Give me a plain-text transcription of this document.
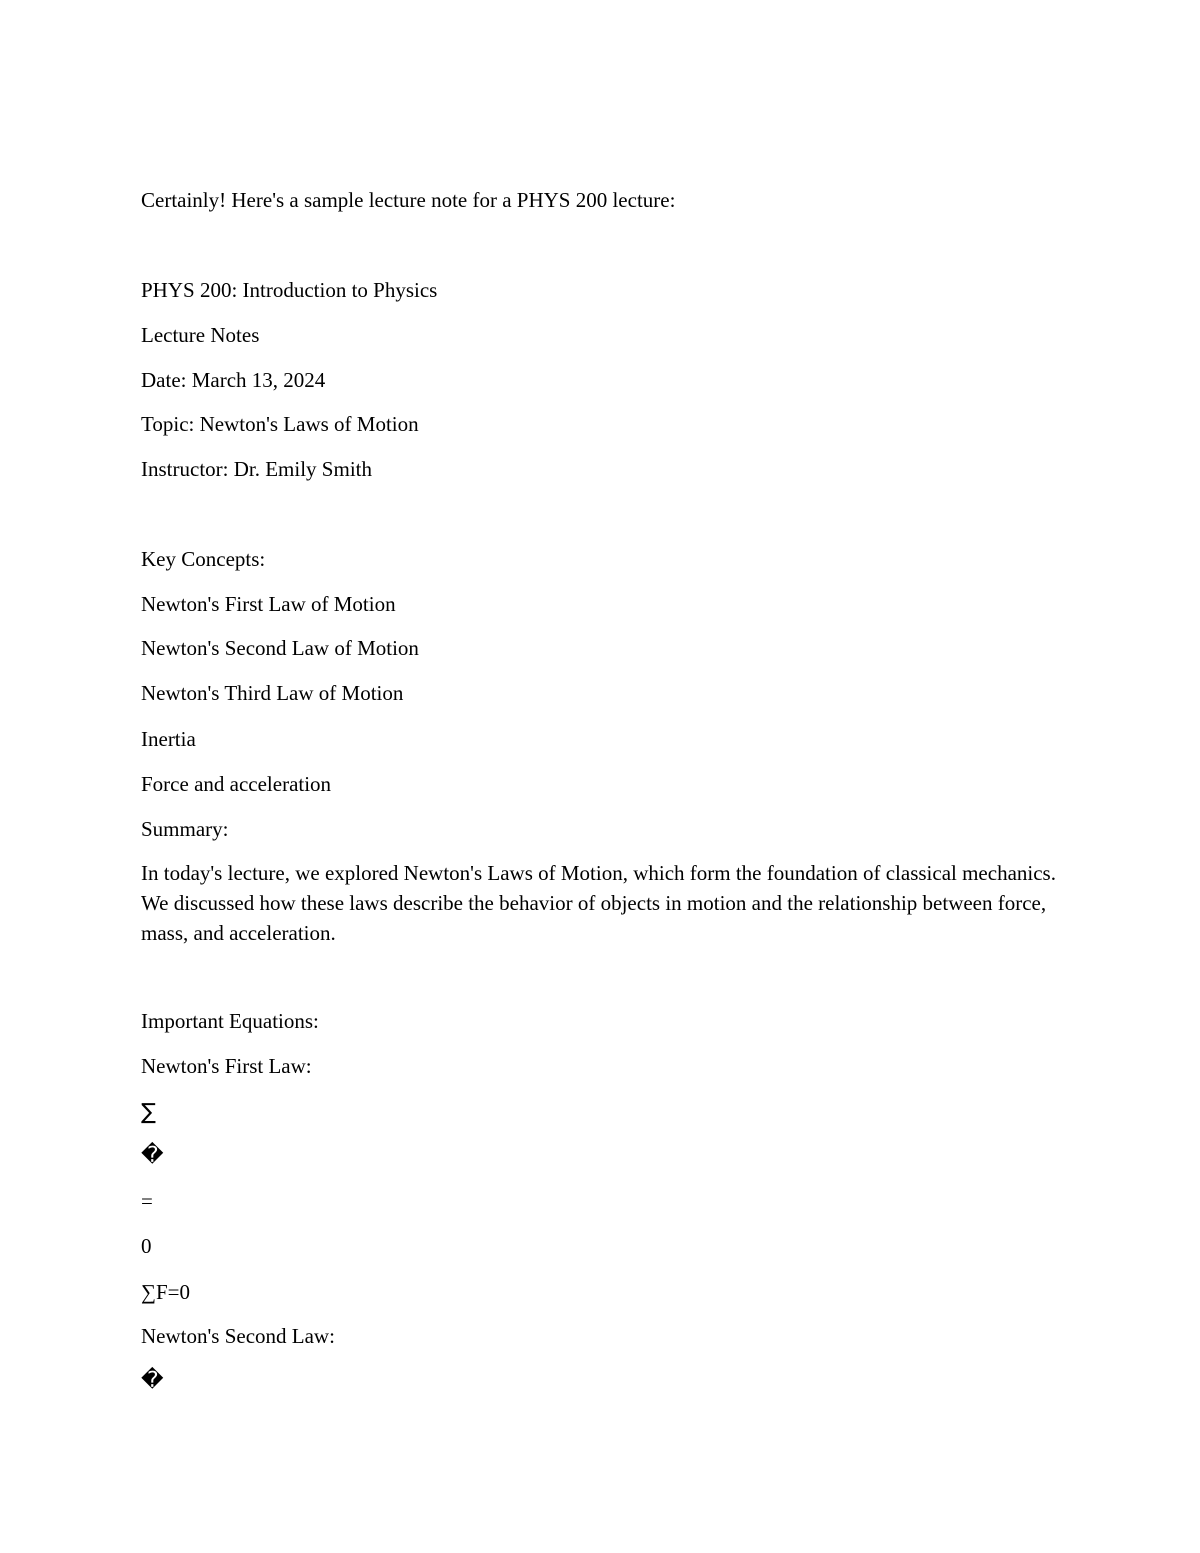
Certainly! Here's a sample lecture note for a PHYS 200 lecture:

PHYS 200: Introduction to Physics

Lecture Notes

Date: March 13, 2024

Topic: Newton's Laws of Motion

Instructor: Dr. Emily Smith

Key Concepts:

Newton's First Law of Motion

Newton's Second Law of Motion

Newton's Third Law of Motion

Inertia

Force and acceleration

Summary:

In today's lecture, we explored Newton's Laws of Motion, which form the foundation of classical mechanics. We discussed how these laws describe the behavior of objects in motion and the relationship between force, mass, and acceleration.

Important Equations:

Newton's First Law:

∑

�

=

0

∑F=0

Newton's Second Law:

�
